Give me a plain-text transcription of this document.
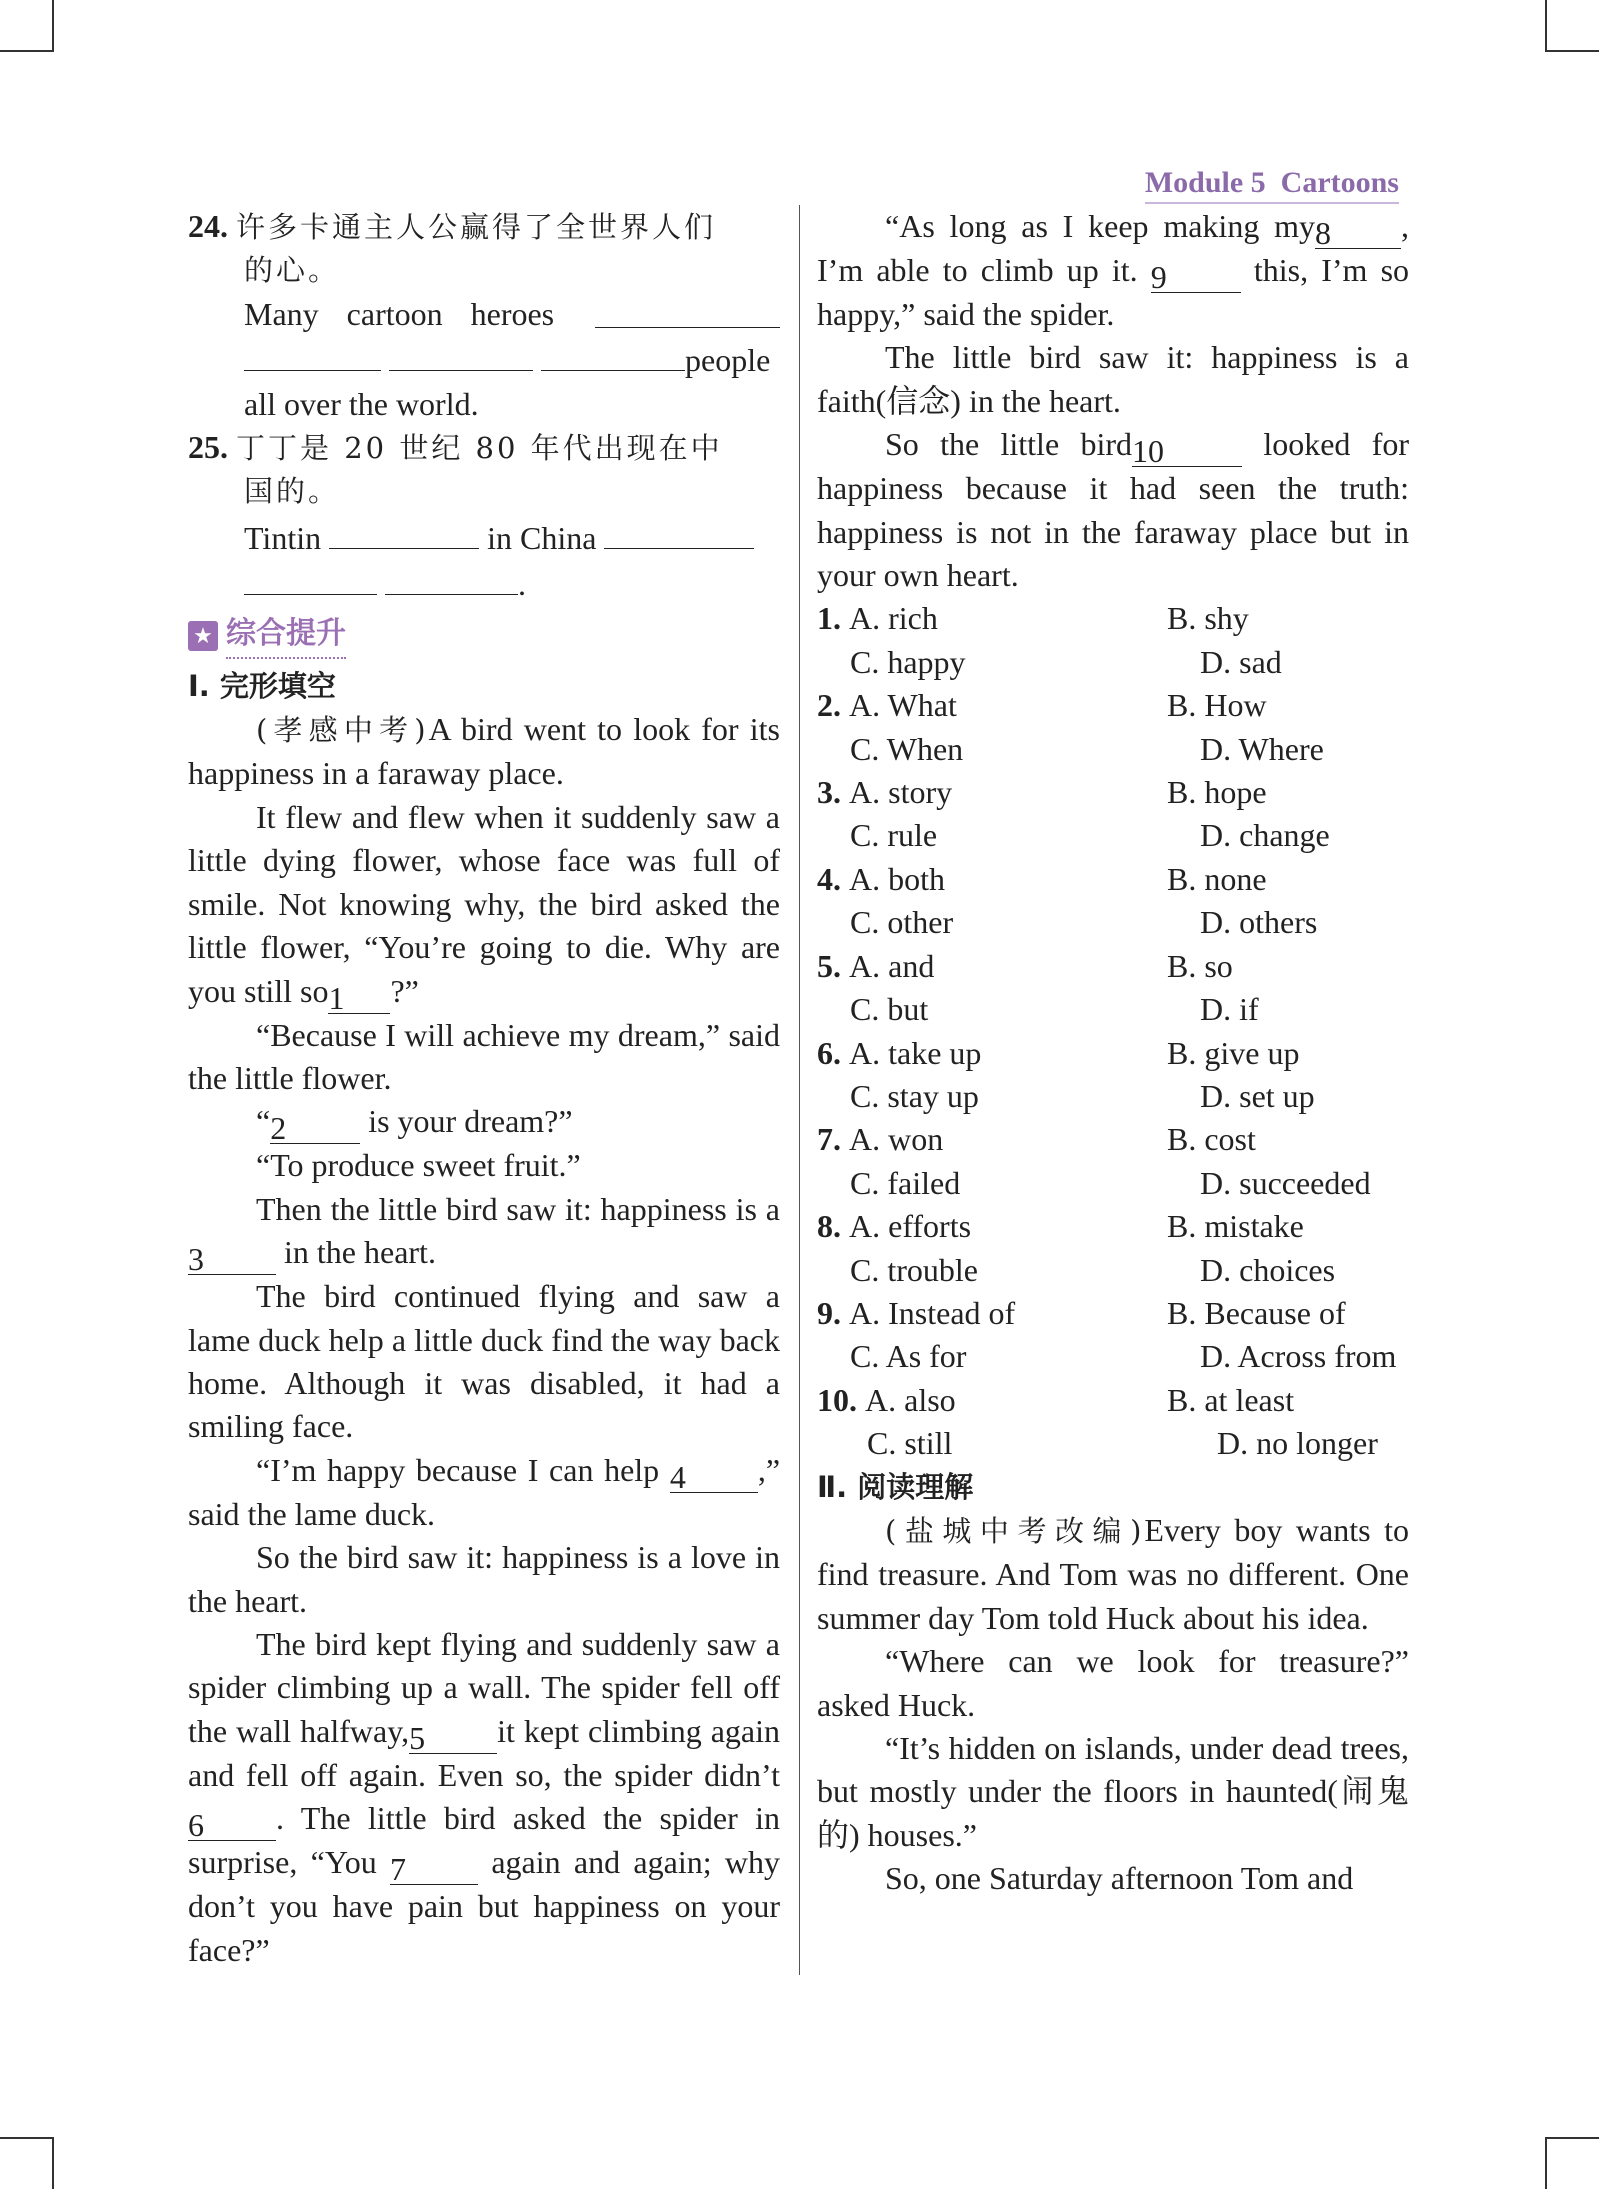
Module 5 Cartoons
24. 许多卡通主人公赢得了全世界人们
的心。
Many cartoon heroes
people
all over the world.
25. 丁丁是 20 世纪 80 年代出现在中
国的。
Tintin

	in China

.
★ 综合提升
Ⅰ. 完形填空
(孝感中考)A bird went to look for its happiness in a faraway place.
It flew and flew when it suddenly saw a little dying flower, whose face was full of smile. Not knowing why, the bird asked the little flower, “You’re going to die. Why are you still so1 ?”
“Because I will achieve my dream,” said the little flower.
“2	is your dream?”
“To produce sweet fruit.”
Then the little bird saw it: happiness is a 3	in the heart.
The bird continued flying and saw a lame duck help a little duck find the way back home. Although it was disabled, it had a smiling face.
“I’m happy because I can help 4 ,” said the lame duck.
So the bird saw it: happiness is a love in the heart.
The bird kept flying and suddenly saw a spider climbing up a wall. The spider fell off the wall halfway,5 it kept climbing again and fell off again. Even so, the spider didn’t 6 . The little bird asked the spider in surprise, “You 7	again and again; why don’t you have pain but happiness on your face?”
“As long as I keep making my8 , I’m able to climb up it. 9	this, I’m so happy,” said the spider.
The little bird saw it: happiness is a faith(信念) in the heart.
So the little bird10	looked for happiness because it had seen the truth: happiness is not in the faraway place but in your own heart.
1. A. rich	B. shy
C. happy	D. sad
2. A. What	B. How
C. When	D. Where
3. A. story	B. hope
C. rule	D. change
4. A. both	B. none
C. other	D. others
5. A. and	B. so
C. but	D. if
6. A. take up	B. give up
C. stay up	D. set up
7. A. won	B. cost
C. failed	D. succeeded
8. A. efforts	B. mistake
C. trouble	D. choices
9. A. Instead of	B. Because of
C. As for	D. Across from
10. A. also	B. at least
C. still	D. no longer
Ⅱ. 阅读理解
(盐城中考改编)Every boy wants to find treasure. And Tom was no different. One summer day Tom told Huck about his idea.
“Where can we look for treasure?” asked Huck.
“It’s hidden on islands, under dead trees, but mostly under the floors in haunted(闹鬼的) houses.”
So, one Saturday afternoon Tom and
